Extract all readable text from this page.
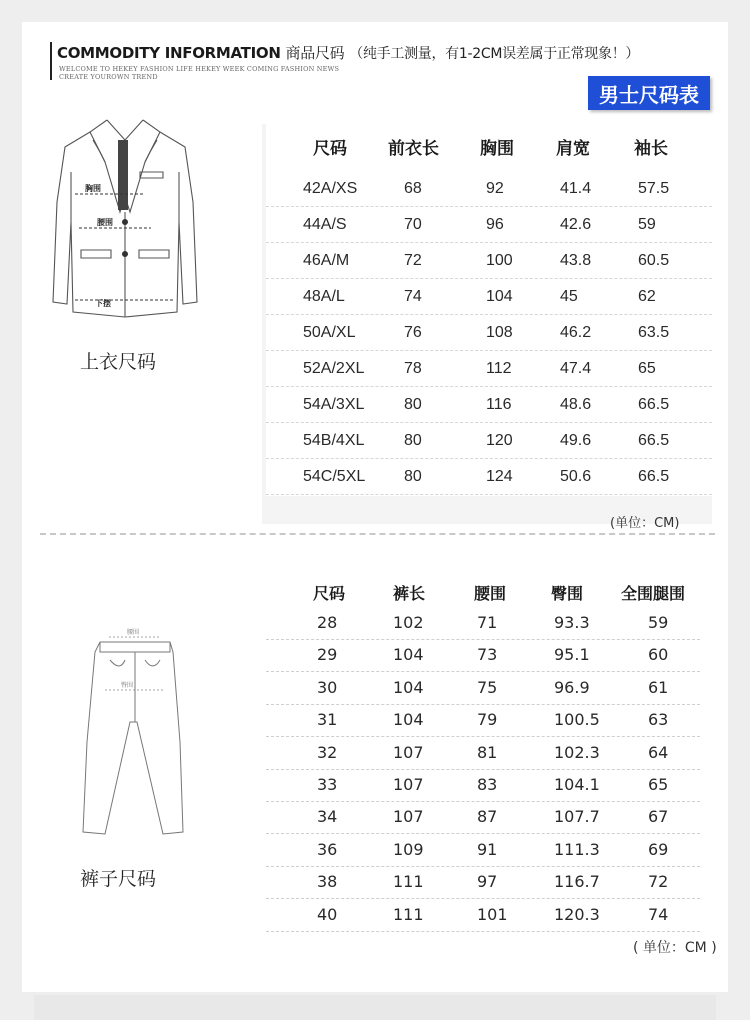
COMMODITY INFORMATION 商品尺码 （纯手工测量，有1-2CM误差属于正常现象！）
WELCOME TO HEKEY FASHION LIFE HEKEY WEEK COMING FASHION NEWS
CREATE YOUROWN TREND
男士尺码表
胸围
腰围
下摆
上衣尺码
尺码 前衣长 胸围 肩宽	袖长
42A/XS	68	92	41.4	57.5
44A/S	70	96	42.6	59
46A/M	72	100	43.8	60.5
48A/L	74	104	45	62
50A/XL	76	108	46.2	63.5
52A/2XL 78	112	47.4	65
54A/3XL 80	116	48.6	66.5
54B/4XL 80	120	49.6	66.5
54C/5XL 80	124	50.6	66.5
(单位：CM)
腰围
臀围
裤子尺码
尺码	裤长	腰围	臀围 全围腿围
28	102	71	93.3	59
29	104	73	95.1	60
30	104	75	96.9	61
31	104	79	100.5	63
32	107	81	102.3	64
33	107	83	104.1	65
34	107	87	107.7	67
36	109	91	111.3	69
38	111	97	116.7	72
40	111	101	120.3	74
( 单位：CM )
